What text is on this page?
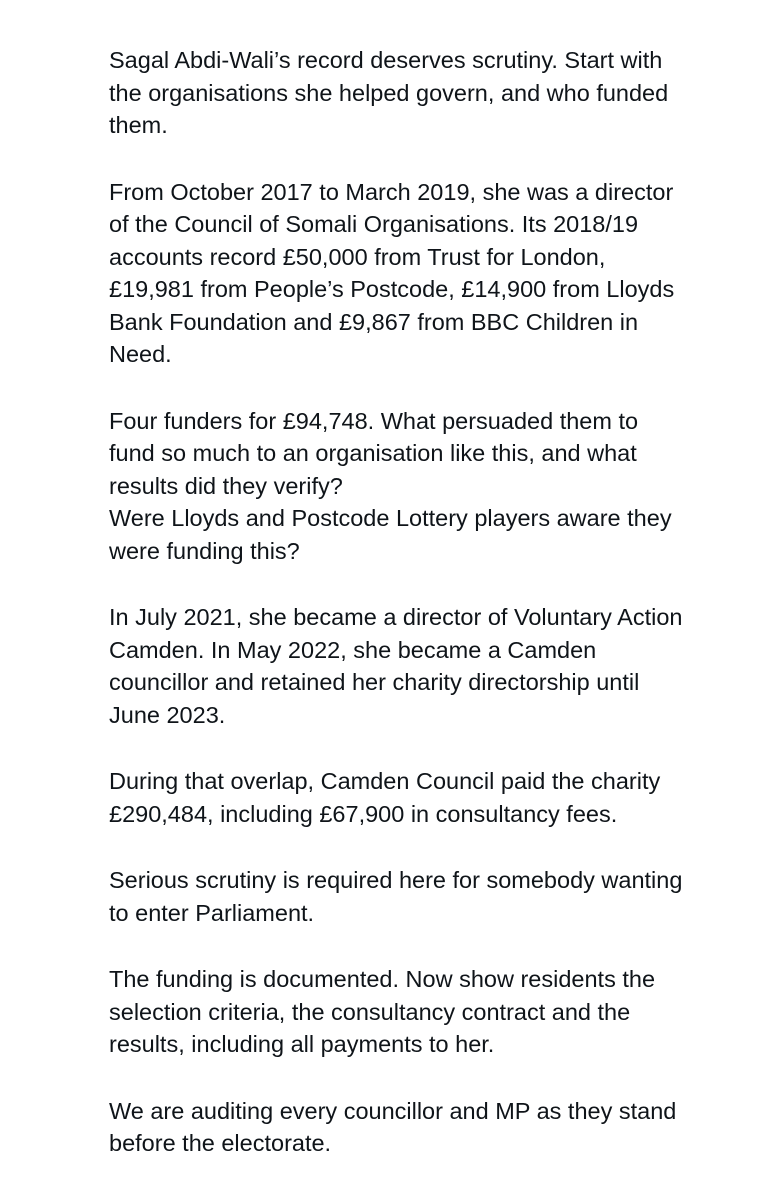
Sagal Abdi-Wali’s record deserves scrutiny. Start with
the organisations she helped govern, and who funded
them.

From October 2017 to March 2019, she was a director
of the Council of Somali Organisations. Its 2018/19
accounts record £50,000 from Trust for London,
£19,981 from People’s Postcode, £14,900 from Lloyds
Bank Foundation and £9,867 from BBC Children in
Need.

Four funders for £94,748. What persuaded them to
fund so much to an organisation like this, and what
results did they verify?
Were Lloyds and Postcode Lottery players aware they
were funding this?

In July 2021, she became a director of Voluntary Action
Camden. In May 2022, she became a Camden
councillor and retained her charity directorship until
June 2023.

During that overlap, Camden Council paid the charity
£290,484, including £67,900 in consultancy fees.

Serious scrutiny is required here for somebody wanting
to enter Parliament.

The funding is documented. Now show residents the
selection criteria, the consultancy contract and the
results, including all payments to her.

We are auditing every councillor and MP as they stand
before the electorate.
